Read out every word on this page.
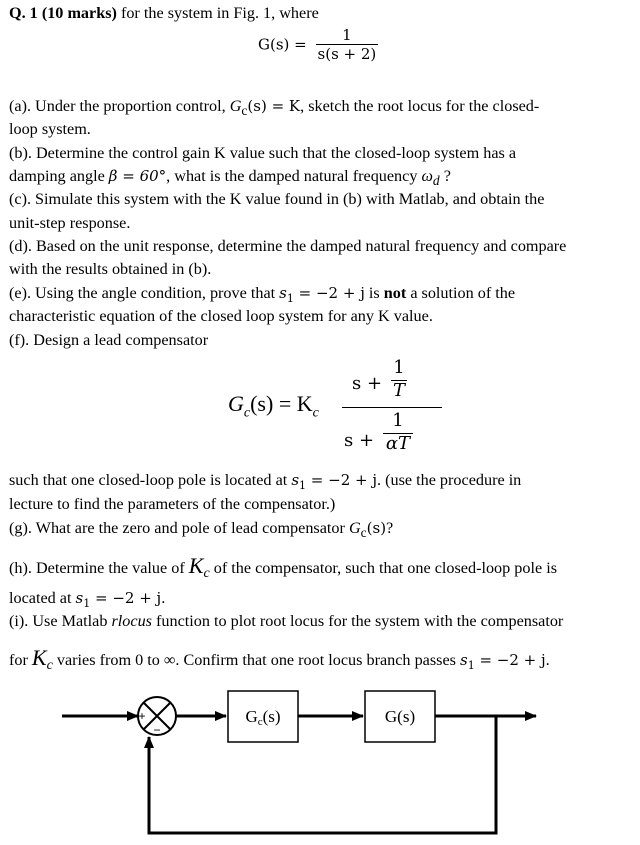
Q. 1 (10 marks) for the system in Fig. 1, where
$G(s) = \frac{1}{s(s + 2)}$
(a). Under the proportion control, $G_c(s) = K$, sketch the root locus for the closed-
loop system.
(b). Determine the control gain K value such that the closed-loop system has a
damping angle β = 60°, what is the damped natural frequency $\omega_d$ ?
(c). Simulate this system with the K value found in (b) with Matlab, and obtain the
unit-step response.
(d). Based on the unit response, determine the damped natural frequency and compare
with the results obtained in (b).
(e). Using the angle condition, prove that $s_1 = -2 + j$ is not a solution of the
characteristic equation of the closed loop system for any K value.
(f). Design a lead compensator
$G_c(s) = K_c$
s +
1
T
s +
1
αT
such that one closed-loop pole is located at $s_1 = -2 + j$. (use the procedure in
lecture to find the parameters of the compensator.)
(g). What are the zero and pole of lead compensator $G_c(s)$?
(h). Determine the value of $K_c$ of the compensator, such that one closed-loop pole is
located at $s_1 = -2 + j$.
(i). Use Matlab rlocus function to plot root locus for the system with the compensator
for $K_c$ varies from 0 to ∞. Confirm that one root locus branch passes $s_1 = -2 + j$.
+
−
Gc(s)	G(s)
